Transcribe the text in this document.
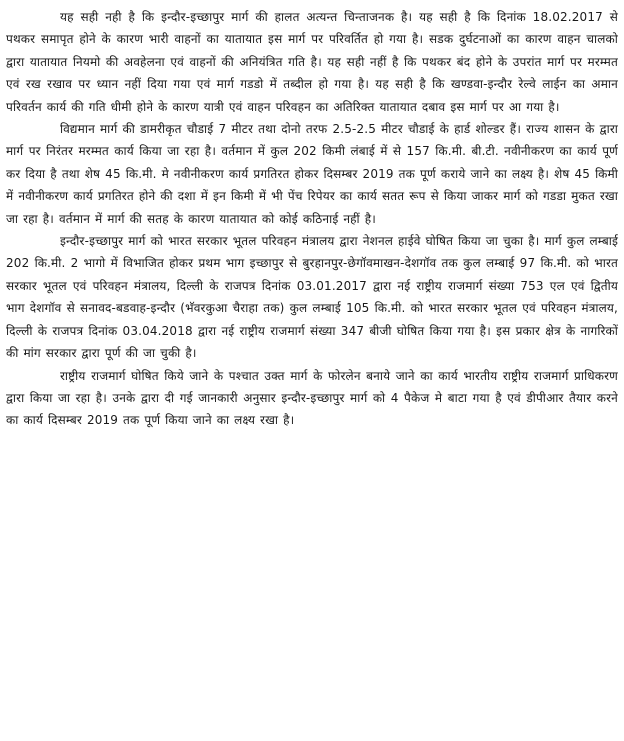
यह सही नही है कि इन्दौर-इच्छापुर मार्ग की हालत अत्यन्त चिन्ताजनक है। यह सही है कि दिनांक 18.02.2017 से पथकर समापृत होने के कारण भारी वाहनों का यातायात इस मार्ग पर परिवर्तित हो गया है। सडक दुर्घटनाओं का कारण वाहन चालको द्वारा यातायात नियमो की अवहेलना एवं वाहनों की अनियंत्रित गति है। यह सही नहीं है कि पथकर बंद होने के उपरांत मार्ग पर मरम्मत एवं रख रखाव पर ध्यान नहीं दिया गया एवं मार्ग गडडो में तब्दील हो गया है। यह सही है कि खण्डवा-इन्दौर रेल्वे लाईन का अमान परिवर्तन कार्य की गति धीमी होने के कारण यात्री एवं वाहन परिवहन का अतिरिक्त यातायात दबाव इस मार्ग पर आ गया है।

विद्यमान मार्ग की डामरीकृत चौडाई 7 मीटर तथा दोनो तरफ 2.5-2.5 मीटर चौडाई के हार्ड शोल्डर हैं। राज्य शासन के द्वारा मार्ग पर निरंतर मरम्मत कार्य किया जा रहा है। वर्तमान में कुल 202 किमी लंबाई में से 157 कि.मी. बी.टी. नवीनीकरण का कार्य पूर्ण कर दिया है तथा शेष 45 कि.मी. मे नवीनीकरण कार्य प्रगतिरत होकर दिसम्बर 2019 तक पूर्ण कराये जाने का लक्ष्य है। शेष 45 किमी में नवीनीकरण कार्य प्रगतिरत होने की दशा में इन किमी में भी पेंच रिपेयर का कार्य सतत रूप से किया जाकर मार्ग को गडडा मुकत रखा जा रहा है। वर्तमान में मार्ग की सतह के कारण यातायात को कोई कठिनाई नहीं है।

इन्दौर-इच्छापुर मार्ग को भारत सरकार भूतल परिवहन मंत्रालय द्वारा नेशनल हाईवे घोषित किया जा चुका है। मार्ग कुल लम्बाई 202 कि.मी. 2 भागो में विभाजित होकर प्रथम भाग इच्छापुर से बुरहानपुर-छेगॉवमाखन-देशगॉव तक कुल लम्बाई 97 कि.मी. को भारत सरकार भूतल एवं परिवहन मंत्रालय, दिल्ली के राजपत्र दिनांक 03.01.2017 द्वारा नई राष्ट्रीय राजमार्ग संख्या 753 एल एवं द्वितीय भाग देशगॉव से सनावद-बडवाह-इन्दौर (भॅवरकुआ चैराहा तक) कुल लम्बाई 105 कि.मी. को भारत सरकार भूतल एवं परिवहन मंत्रालय, दिल्ली के राजपत्र दिनांक 03.04.2018 द्वारा नई राष्ट्रीय राजमार्ग संख्या 347 बीजी घोषित किया गया है। इस प्रकार क्षेत्र के नागरिकों की मांग सरकार द्वारा पूर्ण की जा चुकी है।

राष्ट्रीय राजमार्ग घोषित किये जाने के पश्चात उक्त मार्ग के फोरलेन बनाये जाने का कार्य भारतीय राष्ट्रीय राजमार्ग प्राधिकरण द्वारा किया जा रहा है। उनके द्वारा दी गई जानकारी अनुसार इन्दौर-इच्छापुर मार्ग को 4 पैकेज मे बाटा गया है एवं डीपीआर तैयार करने का कार्य दिसम्बर 2019 तक पूर्ण किया जाने का लक्ष्य रखा है।
